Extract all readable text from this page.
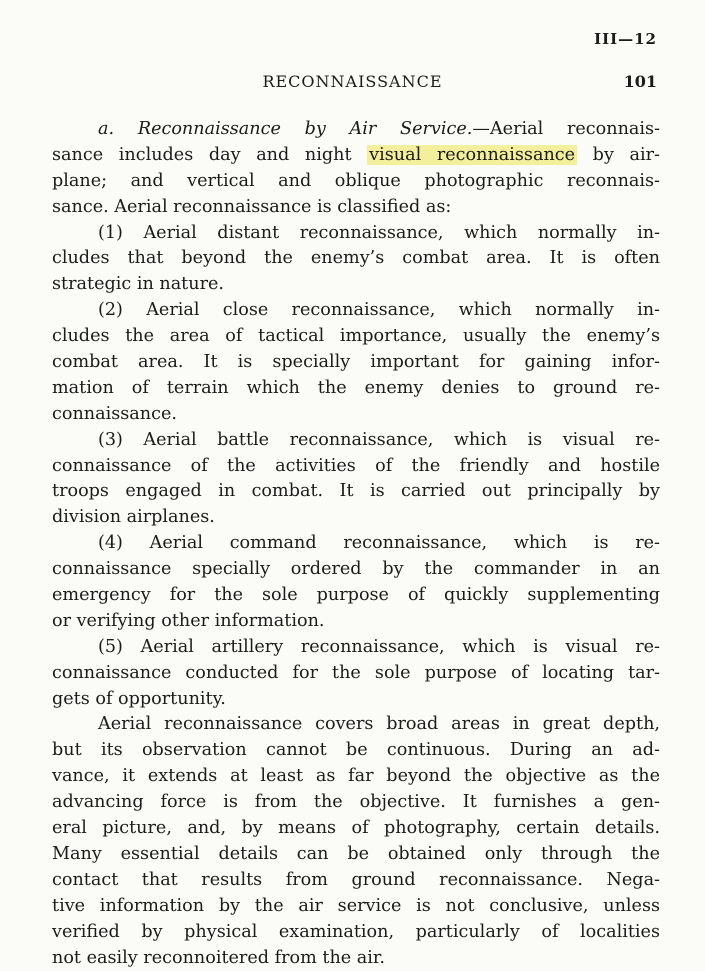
III—12
RECONNAISSANCE	101
a. Reconnaissance by Air Service.—Aerial reconnais-
sance includes day and night visual reconnaissance by air-
plane; and vertical and oblique photographic reconnais-
sance. Aerial reconnaissance is classified as:
(1) Aerial distant reconnaissance, which normally in-
cludes that beyond the enemy’s combat area. It is often
strategic in nature.
(2) Aerial close reconnaissance, which normally in-
cludes the area of tactical importance, usually the enemy’s
combat area. It is specially important for gaining infor-
mation of terrain which the enemy denies to ground re-
connaissance.
(3) Aerial battle reconnaissance, which is visual re-
connaissance of the activities of the friendly and hostile
troops engaged in combat. It is carried out principally by
division airplanes.
(4) Aerial command reconnaissance, which is re-
connaissance specially ordered by the commander in an
emergency for the sole purpose of quickly supplementing
or verifying other information.
(5) Aerial artillery reconnaissance, which is visual re-
connaissance conducted for the sole purpose of locating tar-
gets of opportunity.
Aerial reconnaissance covers broad areas in great depth,
but its observation cannot be continuous. During an ad-
vance, it extends at least as far beyond the objective as the
advancing force is from the objective. It furnishes a gen-
eral picture, and, by means of photography, certain details.
Many essential details can be obtained only through the
contact that results from ground reconnaissance. Nega-
tive information by the air service is not conclusive, unless
verified by physical examination, particularly of localities
not easily reconnoitered from the air.
